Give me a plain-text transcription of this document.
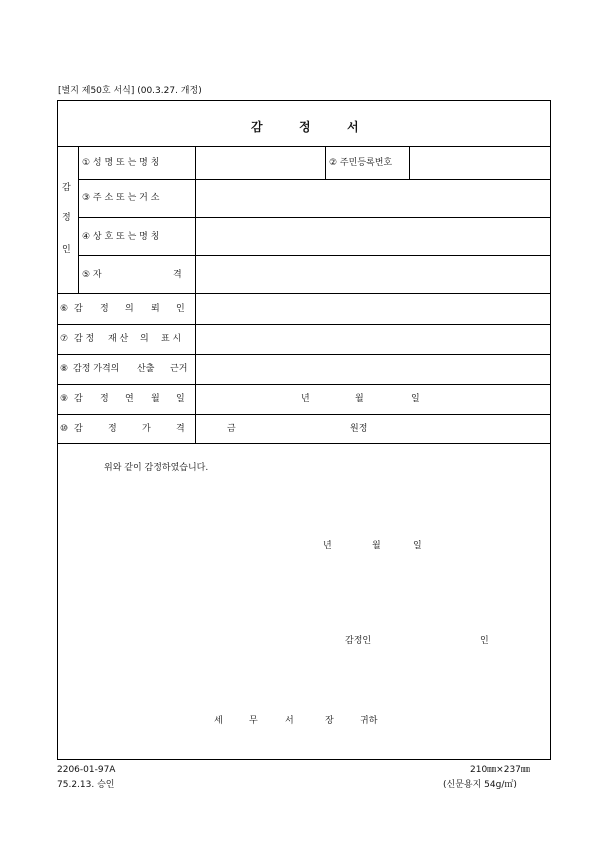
[별지 제50호 서식] (00.3.27. 개정)
감	정	서
감
정
인
① 성 명 또 는 명 칭	② 주민등록번호
③ 주 소 또 는 거 소
④ 상 호 또 는 명 칭
⑤ 자	격
⑥ 감 정 의 뢰 인
⑦ 감 정 재 산 의 표 시
⑧ 감정 가격의 산출 근거
⑨ 감 정 연 월 일	년	월	일
⑩ 감	정	가	격	금	원정
위와 같이 감정하였습니다.
년	월	일
감정인	인
세	무	서	장	귀하
2206-01-97A
75.2.13. 승인
210㎜×237㎜
(신문용지 54g/㎡)
